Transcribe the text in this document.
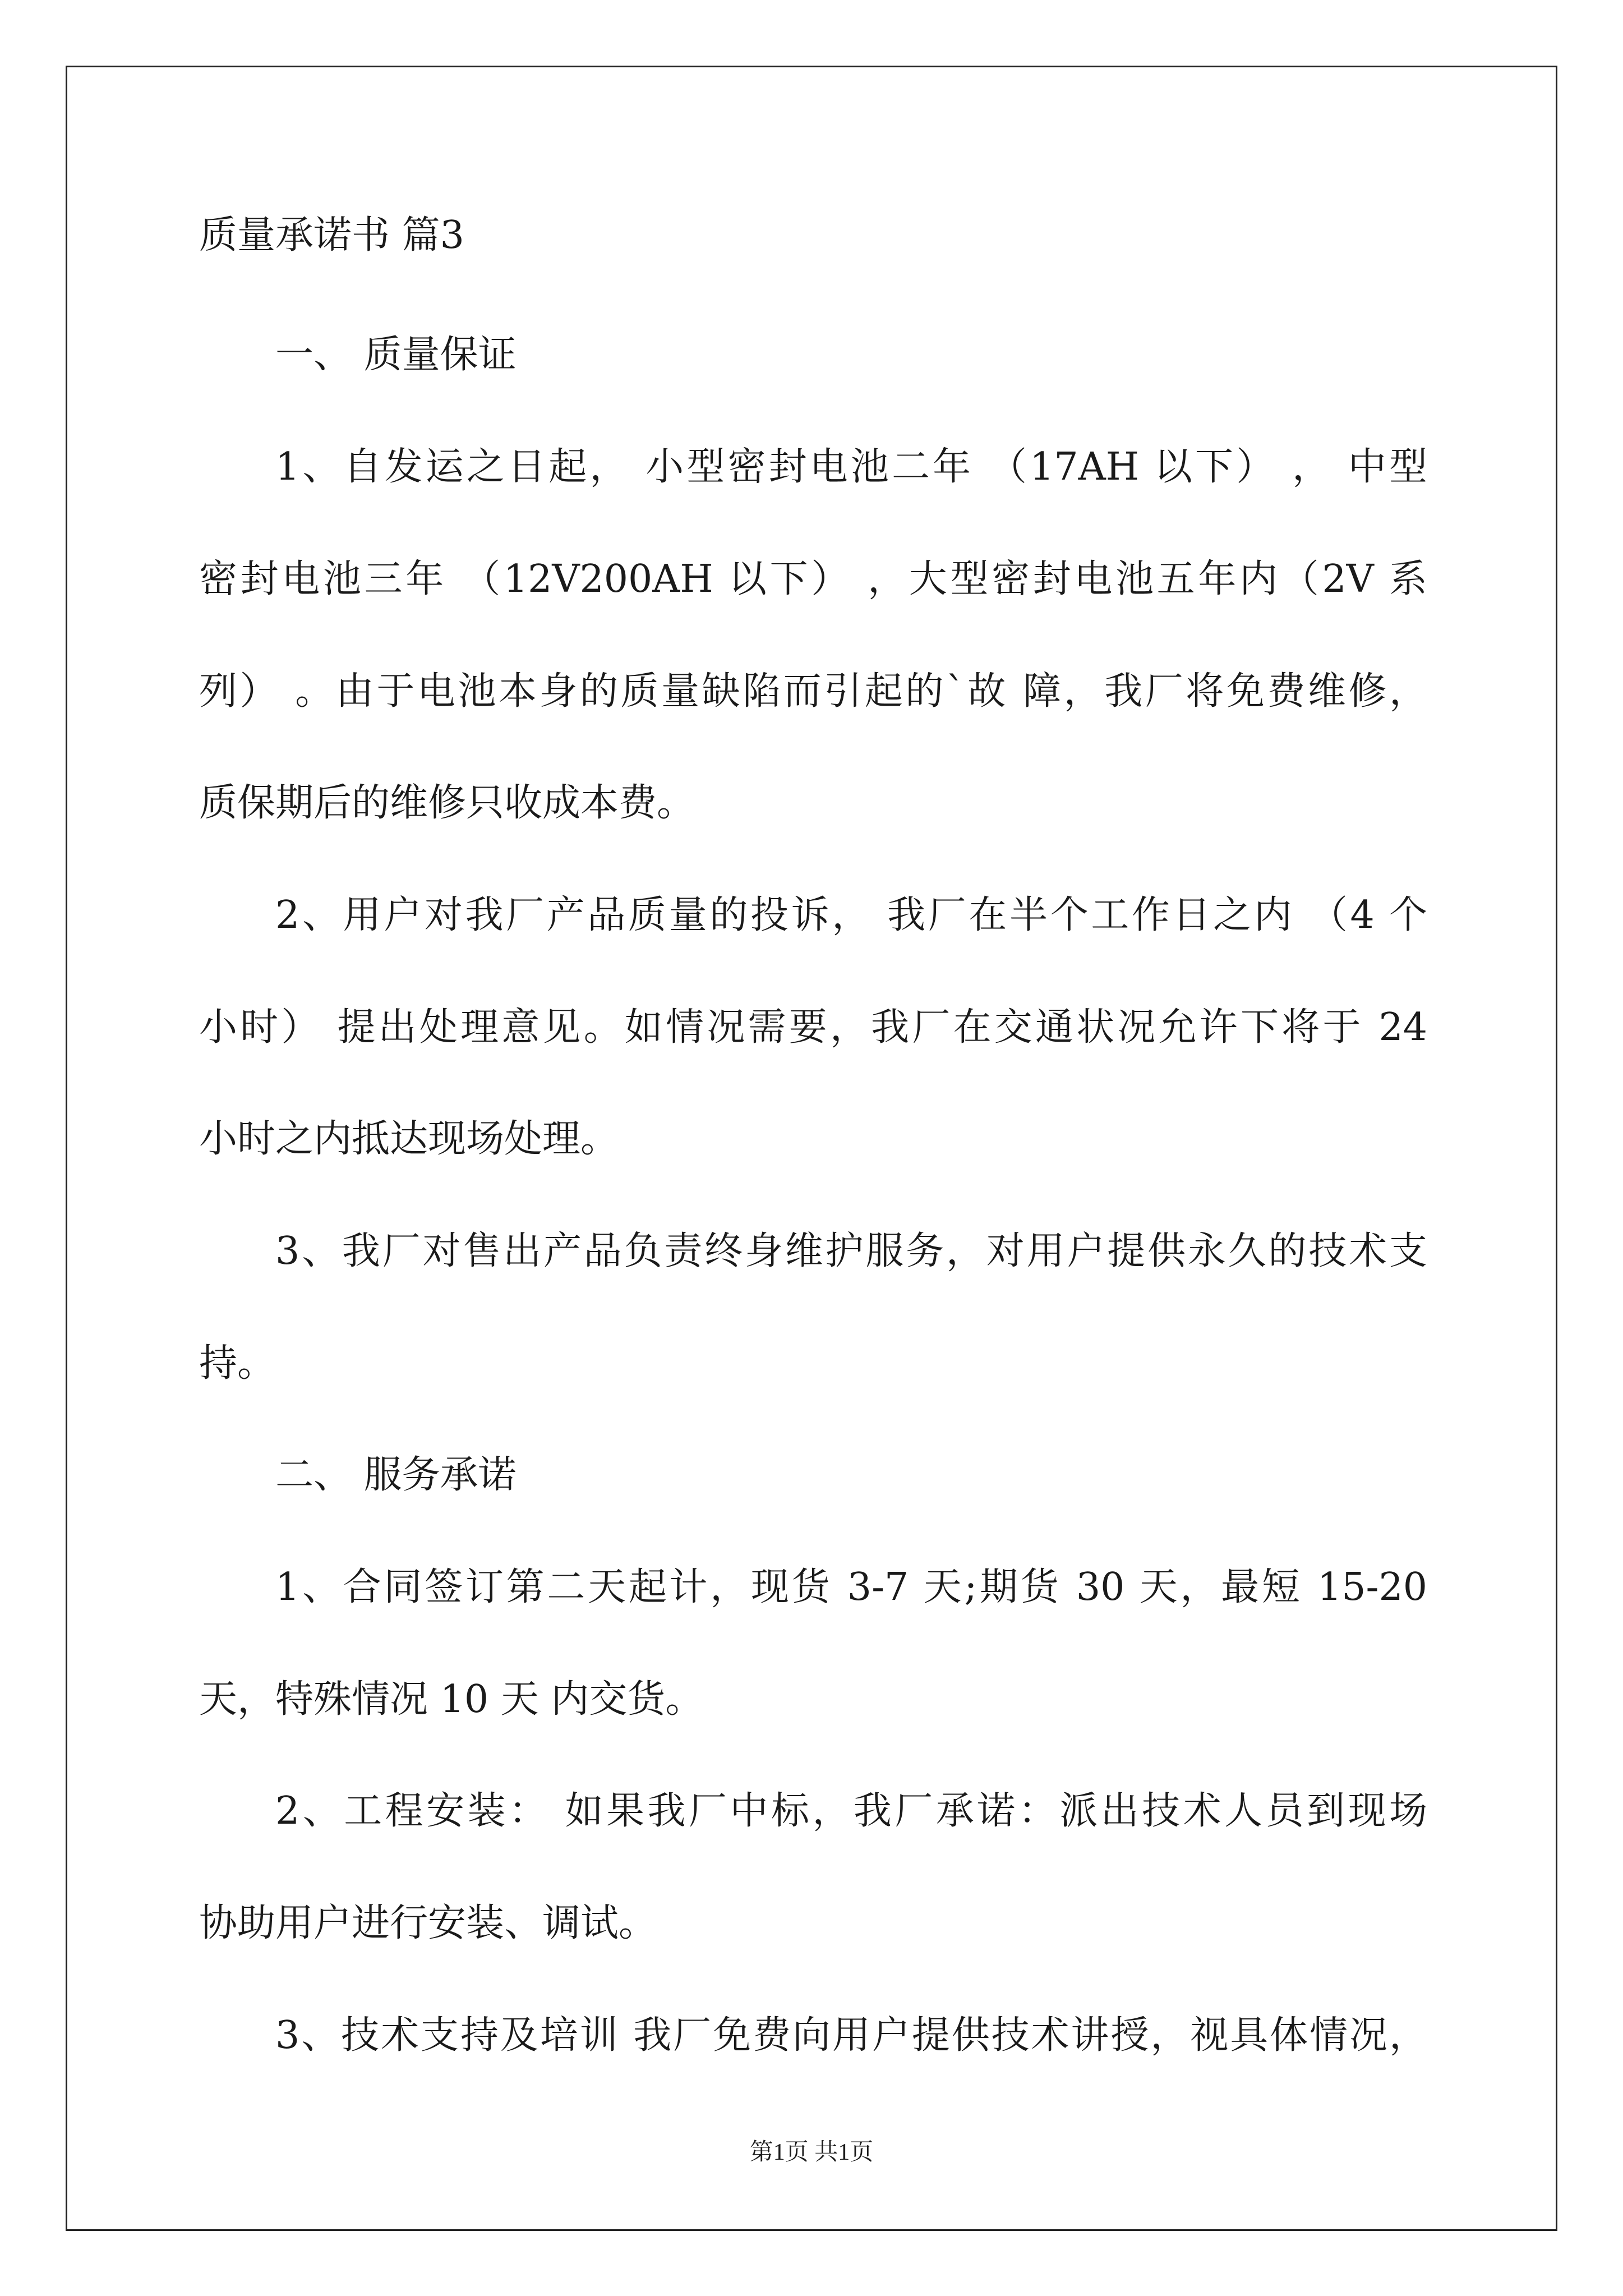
质量承诺书 篇3
一、 质量保证
1、自发运之日起， 小型密封电池二年 （17AH 以下） ， 中型
密封电池三年 （12V200AH 以下） ，大型密封电池五年内（2V 系
列） 。由于电池本身的质量缺陷而引起的`故 障，我厂将免费维修，
质保期后的维修只收成本费。
2、用户对我厂产品质量的投诉， 我厂在半个工作日之内 （4 个
小时） 提出处理意见。如情况需要，我厂在交通状况允许下将于 24
小时之内抵达现场处理。
3、我厂对售出产品负责终身维护服务，对用户提供永久的技术支
持。
二、 服务承诺
1、合同签订第二天起计，现货 3-7 天;期货 30 天，最短 15-20
天，特殊情况 10 天 内交货。
2、工程安装： 如果我厂中标，我厂承诺：派出技术人员到现场
协助用户进行安装、调试。
3、技术支持及培训 我厂免费向用户提供技术讲授，视具体情况，
第1页 共1页
